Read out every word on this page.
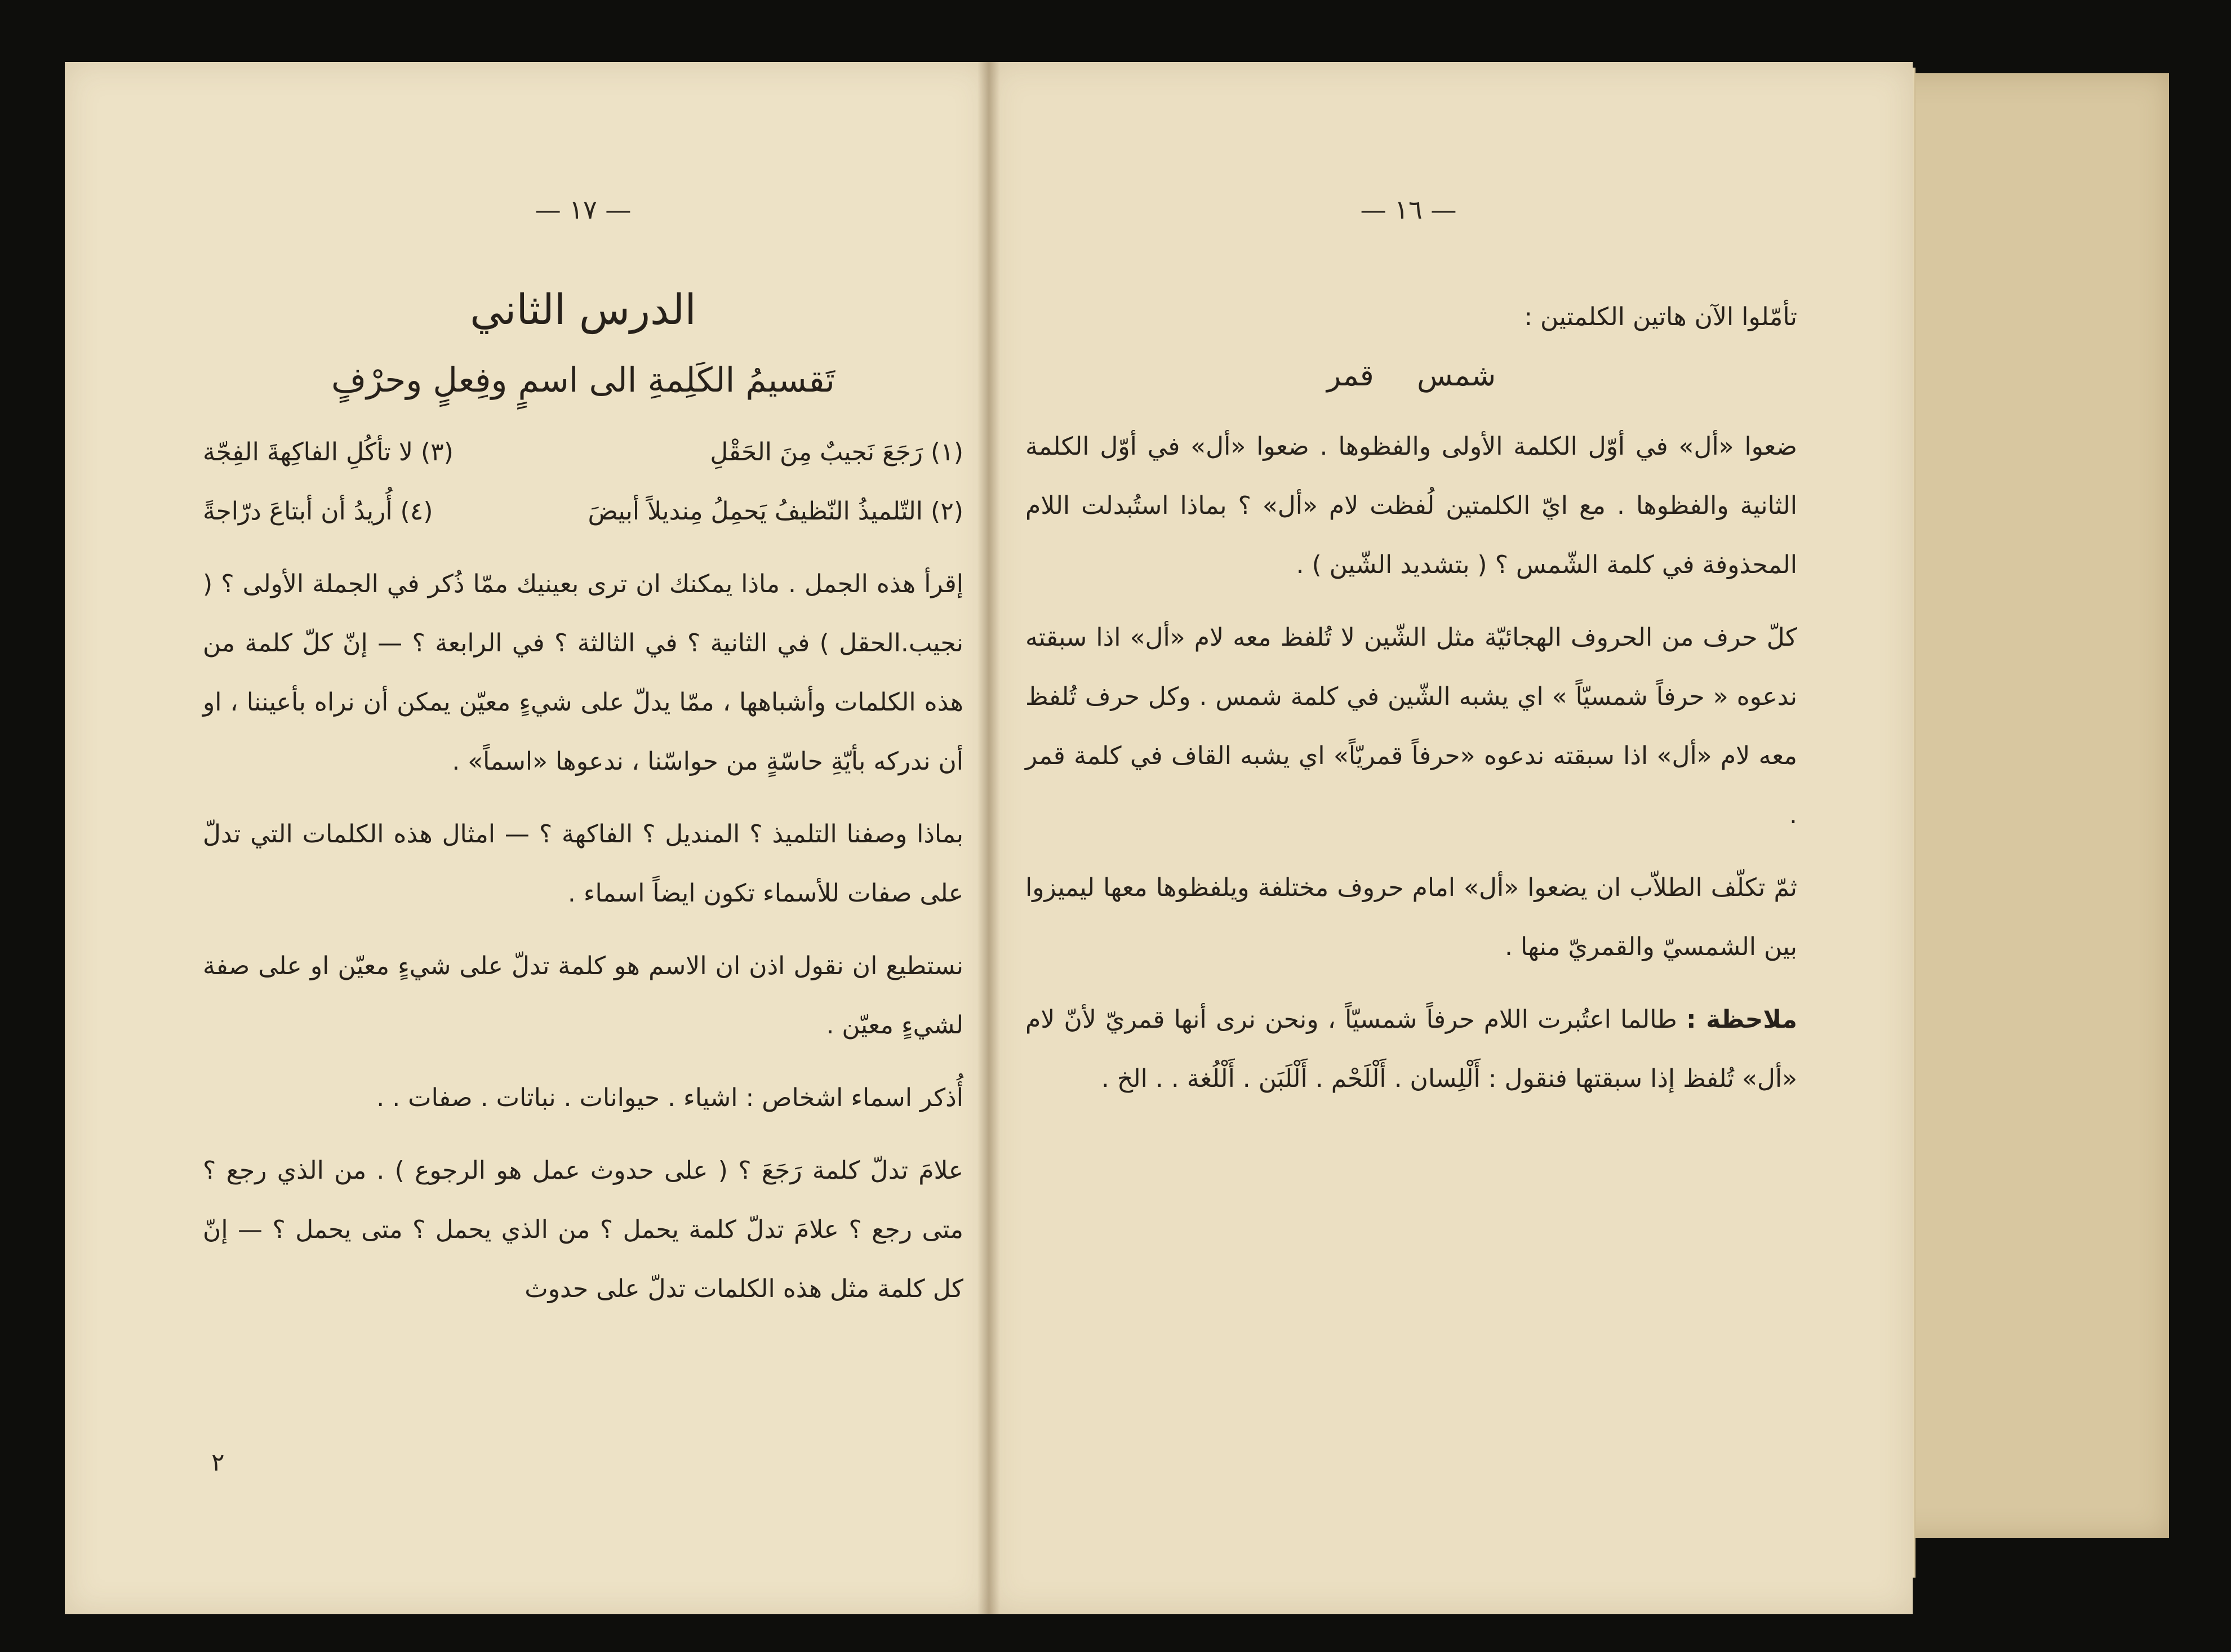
— ١٧ —	— ١٦ —

الدرس الثاني

تَقسيمُ الكَلِمةِ الى اسمٍ وفِعلٍ وحرْفٍ

(١) رَجَعَ نَجيبٌ مِنَ الحَقْلِ
(٣) لا تأكُلِ الفاكِهةَ الفِجّة
(٢) التّلميذُ النّظيفُ يَحمِلُ مِنديلاً أبيضَ
(٤) أُريدُ أن أبتاعَ درّاجةً

إقرأ هذه الجمل . ماذا يمكنك ان ترى بعينيك ممّا ذُكر في الجملة الأولى ؟ ( نجيب.الحقل ) في الثانية ؟ في الثالثة ؟ في الرابعة ؟ — إنّ كلّ كلمة من هذه الكلمات وأشباهها ، ممّا يدلّ على شيءٍ معيّن يمكن أن نراه بأعيننا ، او أن ندركه بأيّةِ حاسّةٍ من حواسّنا ، ندعوها «اسماً» .

بماذا وصفنا التلميذ ؟ المنديل ؟ الفاكهة ؟ — امثال هذه الكلمات التي تدلّ على صفات للأسماء تكون ايضاً اسماء .

نستطيع ان نقول اذن ان الاسم هو كلمة تدلّ على شيءٍ معيّن او على صفة لشيءٍ معيّن .

أُذكر اسماء اشخاص : اشياء . حيوانات . نباتات . صفات . .

علامَ تدلّ كلمة رَجَعَ ؟ ( على حدوث عمل هو الرجوع ) . من الذي رجع ؟ متى رجع ؟ علامَ تدلّ كلمة يحمل ؟ من الذي يحمل ؟ متى يحمل ؟ — إنّ كل كلمة مثل هذه الكلمات تدلّ على حدوث

٢

تأمّلوا الآن هاتين الكلمتين :

شمس قمر

ضعوا «أل» في أوّل الكلمة الأولى والفظوها . ضعوا «أل» في أوّل الكلمة الثانية والفظوها . مع ايّ الكلمتين لُفظت لام «أل» ؟ بماذا استُبدلت اللام المحذوفة في كلمة الشّمس ؟ ( بتشديد الشّين ) .

كلّ حرف من الحروف الهجائيّة مثل الشّين لا تُلفظ معه لام «أل» اذا سبقته ندعوه « حرفاً شمسيّاً » اي يشبه الشّين في كلمة شمس . وكل حرف تُلفظ معه لام «أل» اذا سبقته ندعوه «حرفاً قمريّاً» اي يشبه القاف في كلمة قمر .

ثمّ تكلّف الطلاّب ان يضعوا «أل» امام حروف مختلفة ويلفظوها معها ليميزوا بين الشمسيّ والقمريّ منها .

ملاحظة : طالما اعتُبرت اللام حرفاً شمسيّاً ، ونحن نرى أنها قمريّ لأنّ لام «أل» تُلفظ إذا سبقتها فنقول : أَلْلِسان . أَلْلَحْم . أَلْلَبَن . أَلْلُغة . . الخ .
